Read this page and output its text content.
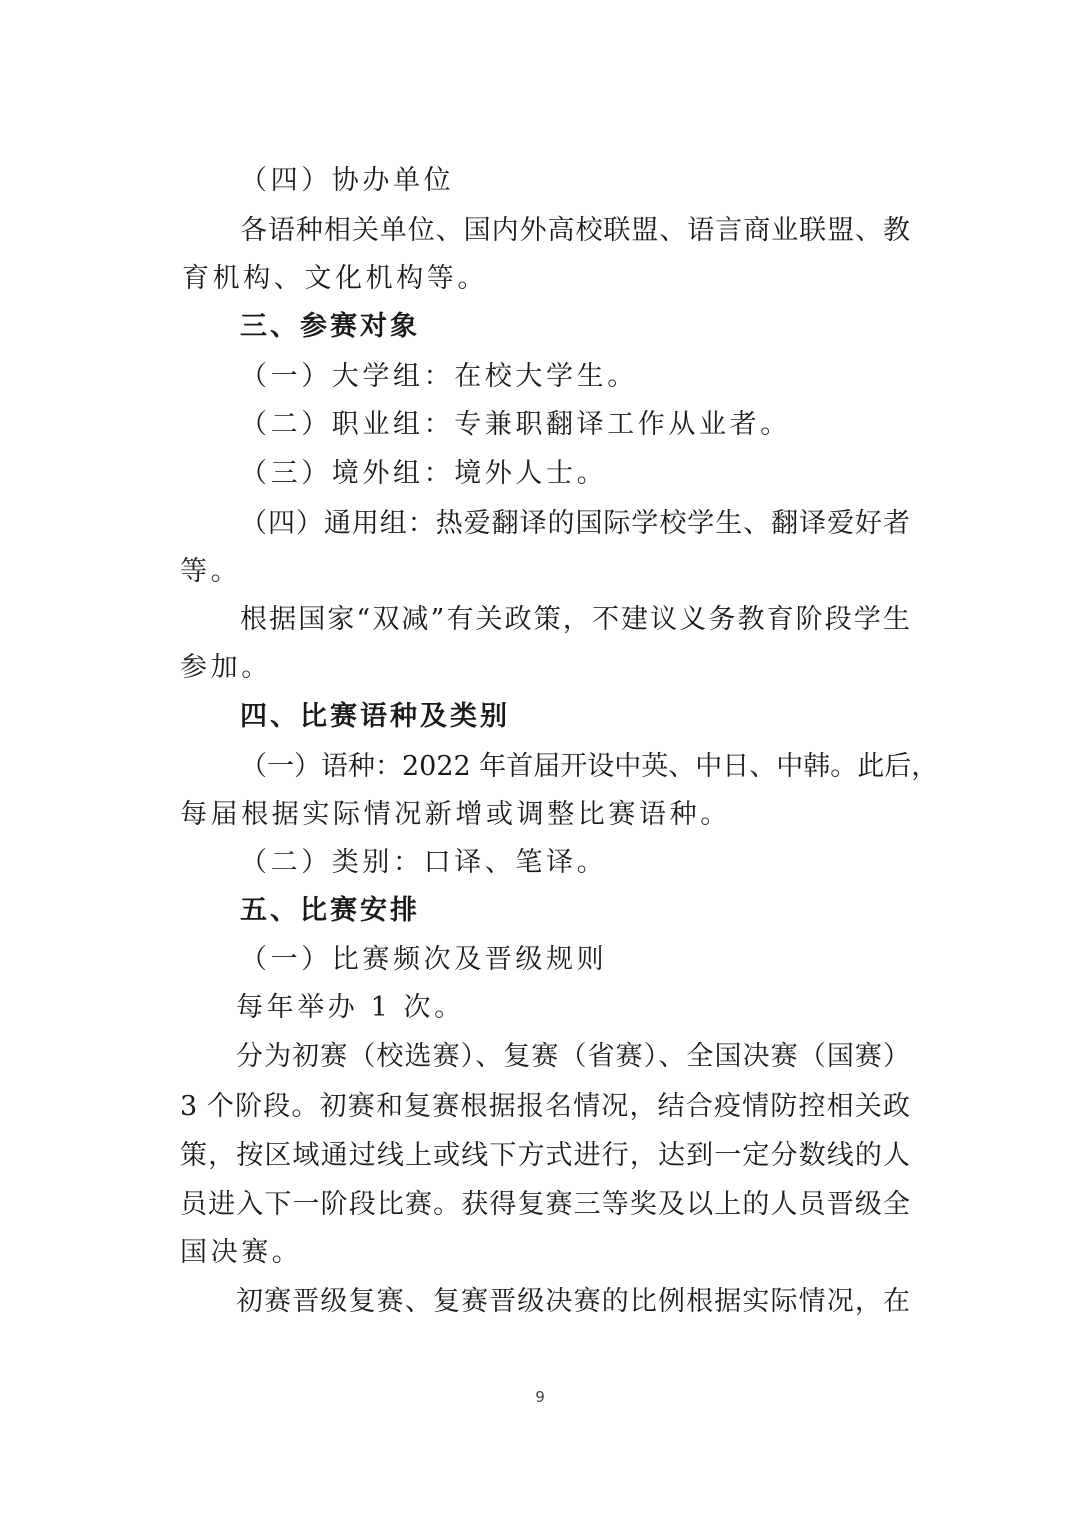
（四）协办单位
各语种相关单位、国内外高校联盟、语言商业联盟、教
育机构、文化机构等。
三、参赛对象
（一）大学组：在校大学生。
（二）职业组：专兼职翻译工作从业者。
（三）境外组：境外人士。
（四）通用组：热爱翻译的国际学校学生、翻译爱好者
等。
根据国家“双减”有关政策，不建议义务教育阶段学生
参加。
四、比赛语种及类别
（一）语种：2022 年首届开设中英、中日、中韩。此后，
每届根据实际情况新增或调整比赛语种。
（二）类别：口译、笔译。
五、比赛安排
（一）比赛频次及晋级规则
每年举办 1 次。
分为初赛（校选赛）、复赛（省赛）、全国决赛（国赛）
3 个阶段。初赛和复赛根据报名情况，结合疫情防控相关政
策，按区域通过线上或线下方式进行，达到一定分数线的人
员进入下一阶段比赛。获得复赛三等奖及以上的人员晋级全
国决赛。
初赛晋级复赛、复赛晋级决赛的比例根据实际情况，在
9
